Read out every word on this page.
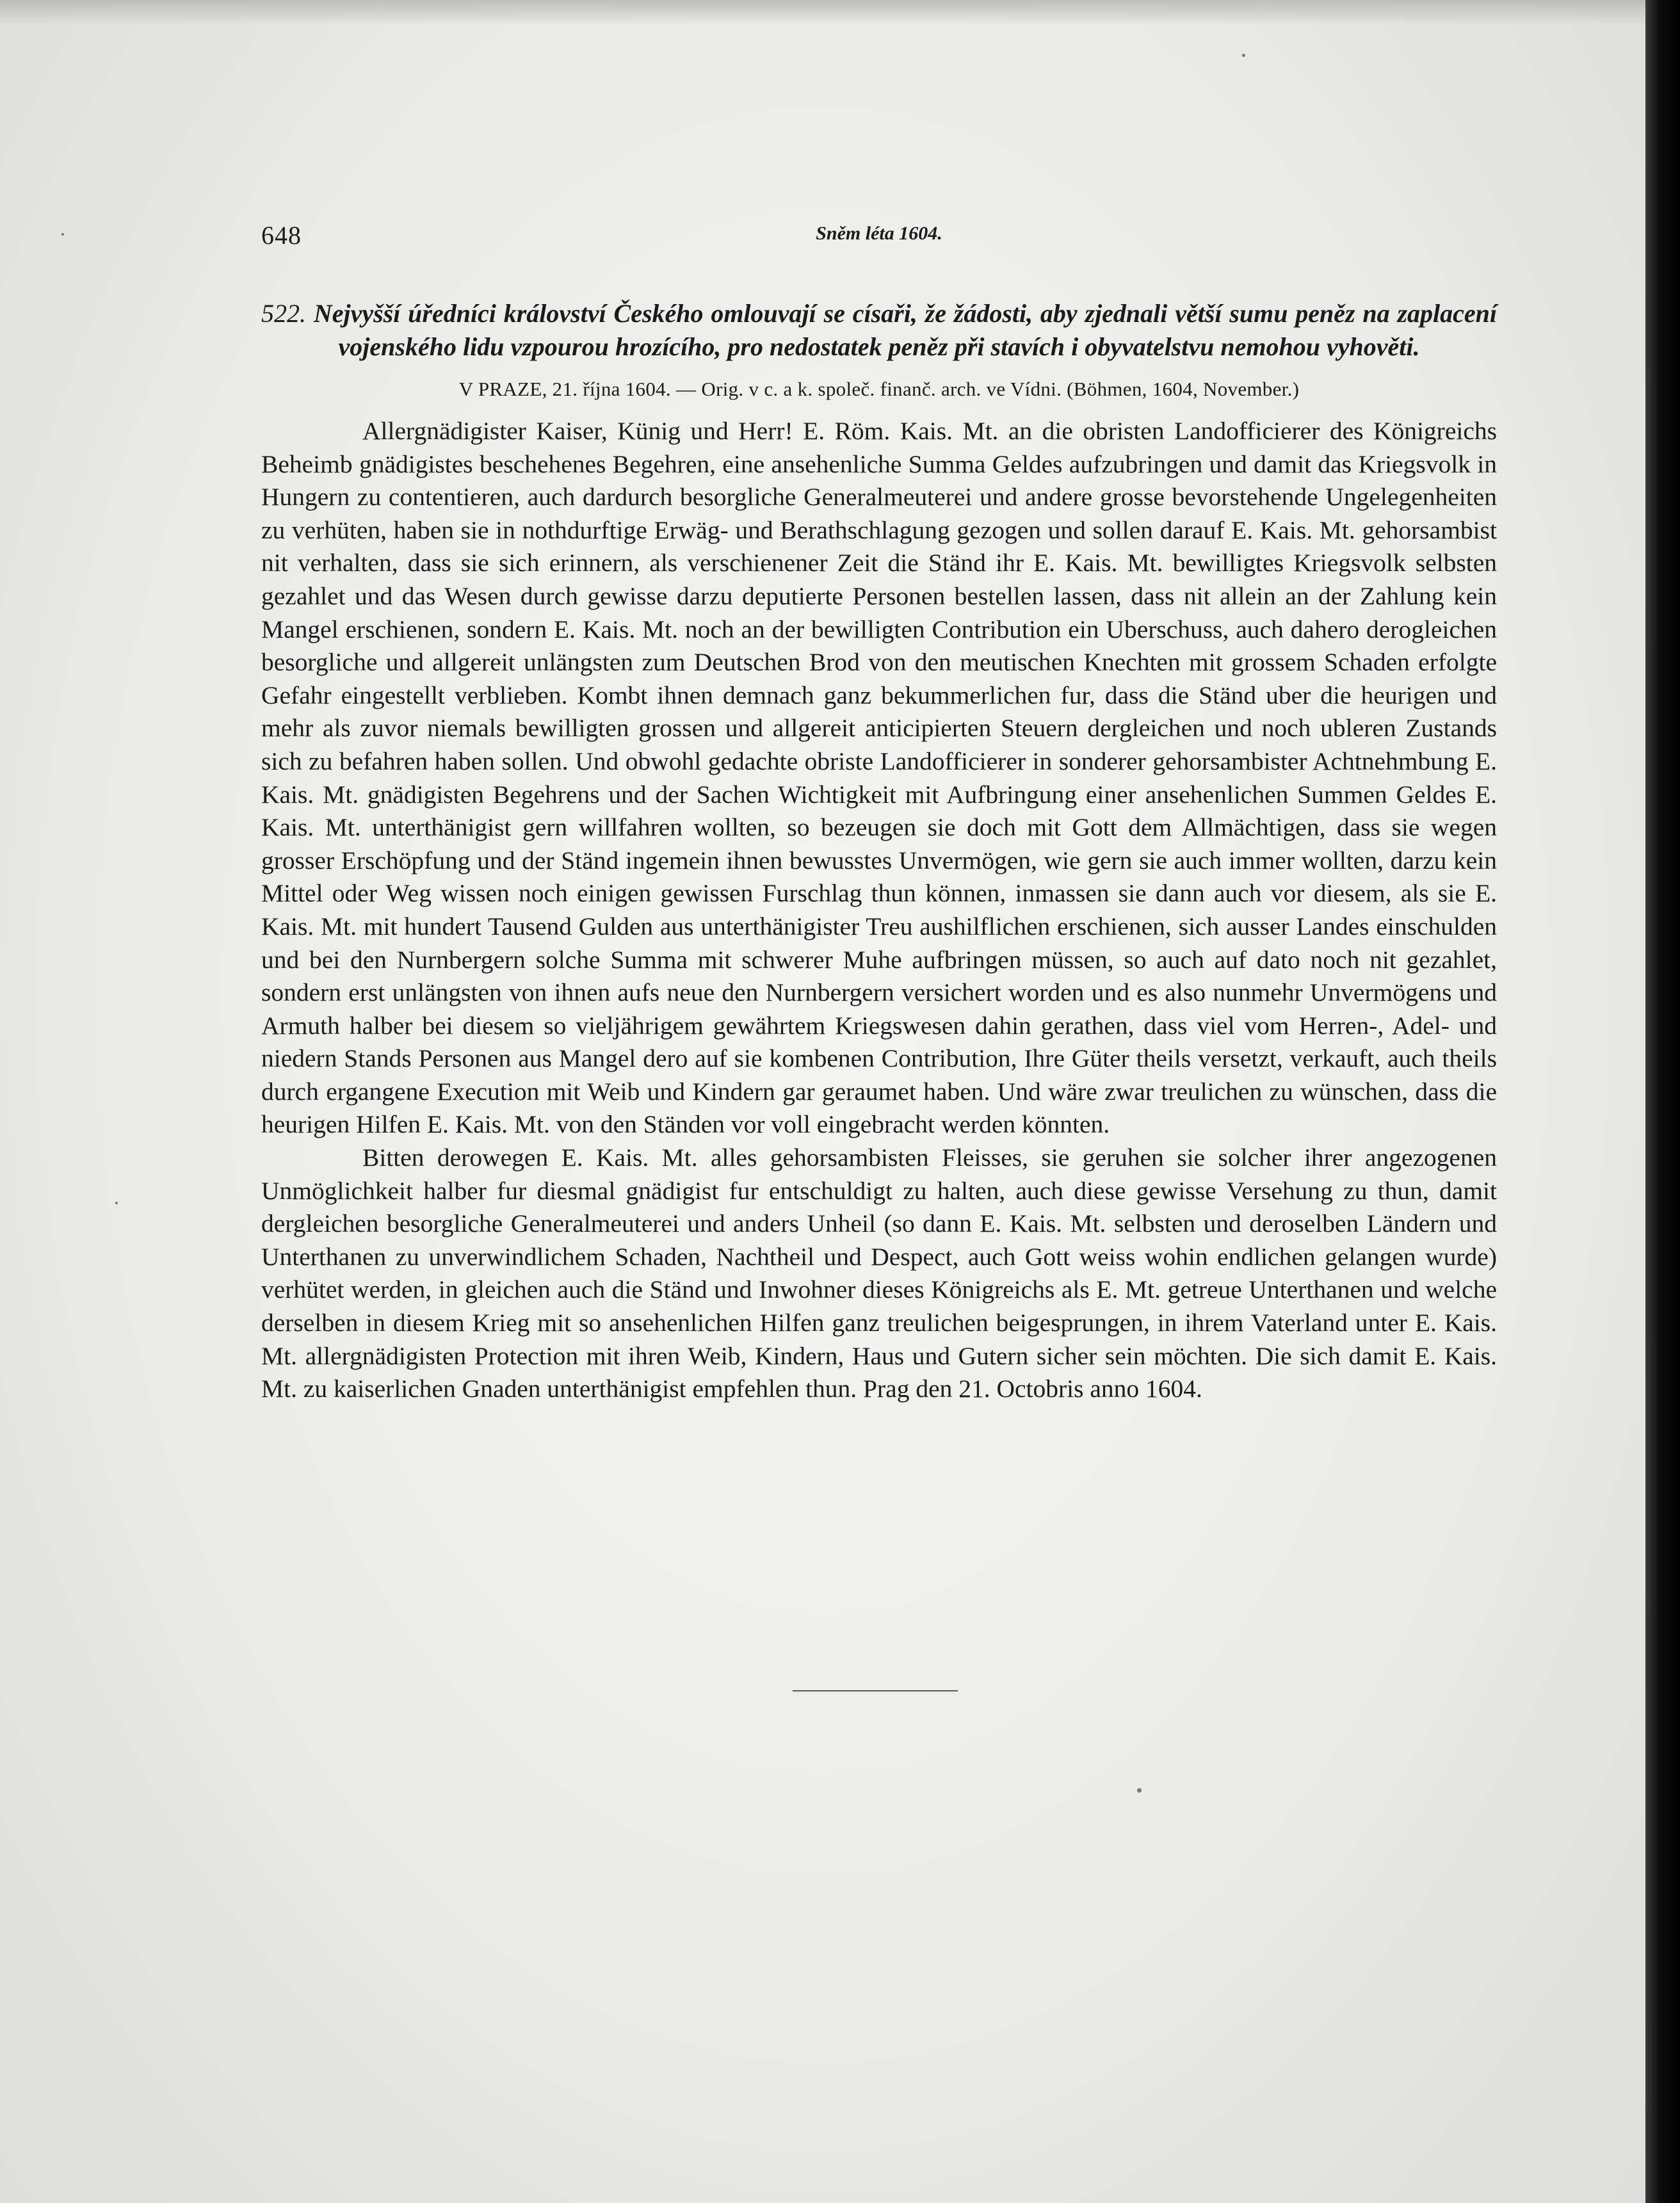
648	Sněm léta 1604.
522. Nejvyšší úředníci království Českého omlouvají se císaři, že žádosti, aby zjednali větší sumu peněz na zaplacení vojenského lidu vzpourou hrozícího, pro nedostatek peněz při stavích i obyvatelstvu nemohou vyhověti.
V PRAZE, 21. října 1604. — Orig. v c. a k. společ. finanč. arch. ve Vídni. (Böhmen, 1604, November.)

Allergnädigister Kaiser, Künig und Herr! E. Röm. Kais. Mt. an die obristen Landofficierer des Königreichs Beheimb gnädigistes beschehenes Begehren, eine ansehenliche Summa Geldes aufzubringen und damit das Kriegsvolk in Hungern zu contentieren, auch dardurch besorgliche Generalmeuterei und andere grosse bevorstehende Ungelegenheiten zu verhüten, haben sie in nothdurftige Erwäg- und Berathschlagung gezogen und sollen darauf E. Kais. Mt. gehorsambist nit verhalten, dass sie sich erinnern, als verschienener Zeit die Ständ ihr E. Kais. Mt. bewilligtes Kriegsvolk selbsten gezahlet und das Wesen durch gewisse darzu deputierte Personen bestellen lassen, dass nit allein an der Zahlung kein Mangel erschienen, sondern E. Kais. Mt. noch an der bewilligten Contribution ein Uberschuss, auch dahero derogleichen besorgliche und allgereit unlängsten zum Deutschen Brod von den meutischen Knechten mit grossem Schaden erfolgte Gefahr eingestellt verblieben. Kombt ihnen demnach ganz bekummerlichen fur, dass die Ständ uber die heurigen und mehr als zuvor niemals bewilligten grossen und allgereit anticipierten Steuern dergleichen und noch ubleren Zustands sich zu befahren haben sollen. Und obwohl gedachte obriste Landofficierer in sonderer gehorsambister Achtnehmbung E. Kais. Mt. gnädigisten Begehrens und der Sachen Wichtigkeit mit Aufbringung einer ansehenlichen Summen Geldes E. Kais. Mt. unterthänigist gern willfahren wollten, so bezeugen sie doch mit Gott dem Allmächtigen, dass sie wegen grosser Erschöpfung und der Ständ ingemein ihnen bewusstes Unvermögen, wie gern sie auch immer wollten, darzu kein Mittel oder Weg wissen noch einigen gewissen Furschlag thun können, inmassen sie dann auch vor diesem, als sie E. Kais. Mt. mit hundert Tausend Gulden aus unterthänigister Treu aushilflichen erschienen, sich ausser Landes einschulden und bei den Nurnbergern solche Summa mit schwerer Muhe aufbringen müssen, so auch auf dato noch nit gezahlet, sondern erst unlängsten von ihnen aufs neue den Nurnbergern versichert worden und es also nunmehr Unvermögens und Armuth halber bei diesem so vieljährigem gewährtem Kriegswesen dahin gerathen, dass viel vom Herren-, Adel- und niedern Stands Personen aus Mangel dero auf sie kombenen Contribution, Ihre Güter theils versetzt, verkauft, auch theils durch ergangene Execution mit Weib und Kindern gar geraumet haben. Und wäre zwar treulichen zu wünschen, dass die heurigen Hilfen E. Kais. Mt. von den Ständen vor voll eingebracht werden könnten.

Bitten derowegen E. Kais. Mt. alles gehorsambisten Fleisses, sie geruhen sie solcher ihrer angezogenen Unmöglichkeit halber fur diesmal gnädigist fur entschuldigt zu halten, auch diese gewisse Versehung zu thun, damit dergleichen besorgliche Generalmeuterei und anders Unheil (so dann E. Kais. Mt. selbsten und deroselben Ländern und Unterthanen zu unverwindlichem Schaden, Nachtheil und Despect, auch Gott weiss wohin endlichen gelangen wurde) verhütet werden, in gleichen auch die Ständ und Inwohner dieses Königreichs als E. Mt. getreue Unterthanen und welche derselben in diesem Krieg mit so ansehenlichen Hilfen ganz treulichen beigesprungen, in ihrem Vaterland unter E. Kais. Mt. allergnädigisten Protection mit ihren Weib, Kindern, Haus und Gutern sicher sein möchten. Die sich damit E. Kais. Mt. zu kaiserlichen Gnaden unterthänigist empfehlen thun. Prag den 21. Octobris anno 1604.
